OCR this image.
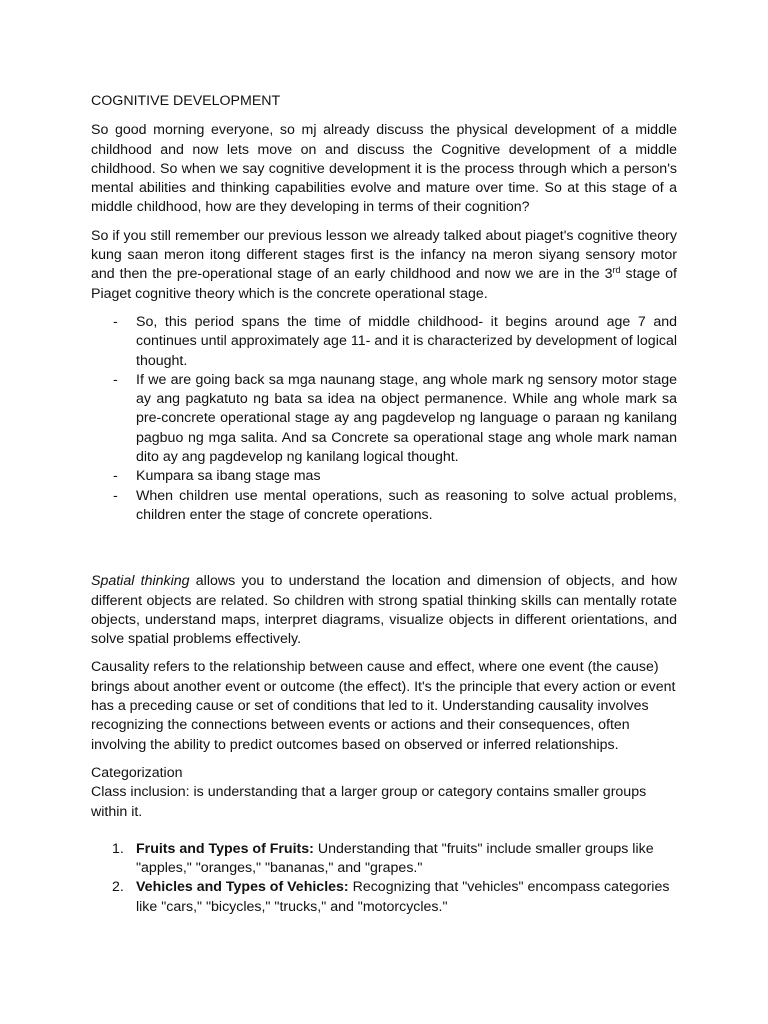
COGNITIVE DEVELOPMENT

So good morning everyone, so mj already discuss the physical development of a middle childhood and now lets move on and discuss the Cognitive development of a middle childhood. So when we say cognitive development it is the process through which a person's mental abilities and thinking capabilities evolve and mature over time. So at this stage of a middle childhood, how are they developing in terms of their cognition?

So if you still remember our previous lesson we already talked about piaget's cognitive theory kung saan meron itong different stages first is the infancy na meron siyang sensory motor and then the pre-operational stage of an early childhood and now we are in the 3rd stage of Piaget cognitive theory which is the concrete operational stage.

- So, this period spans the time of middle childhood- it begins around age 7 and continues until approximately age 11- and it is characterized by development of logical thought.
- If we are going back sa mga naunang stage, ang whole mark ng sensory motor stage ay ang pagkatuto ng bata sa idea na object permanence. While ang whole mark sa pre-concrete operational stage ay ang pagdevelop ng language o paraan ng kanilang pagbuo ng mga salita. And sa Concrete sa operational stage ang whole mark naman dito ay ang pagdevelop ng kanilang logical thought.
- Kumpara sa ibang stage mas
- When children use mental operations, such as reasoning to solve actual problems, children enter the stage of concrete operations.

Spatial thinking allows you to understand the location and dimension of objects, and how different objects are related. So children with strong spatial thinking skills can mentally rotate objects, understand maps, interpret diagrams, visualize objects in different orientations, and solve spatial problems effectively.

Causality refers to the relationship between cause and effect, where one event (the cause) brings about another event or outcome (the effect). It's the principle that every action or event has a preceding cause or set of conditions that led to it. Understanding causality involves recognizing the connections between events or actions and their consequences, often involving the ability to predict outcomes based on observed or inferred relationships.

Categorization

Class inclusion: is understanding that a larger group or category contains smaller groups within it.

1. Fruits and Types of Fruits: Understanding that "fruits" include smaller groups like "apples," "oranges," "bananas," and "grapes."
2. Vehicles and Types of Vehicles: Recognizing that "vehicles" encompass categories like "cars," "bicycles," "trucks," and "motorcycles."
